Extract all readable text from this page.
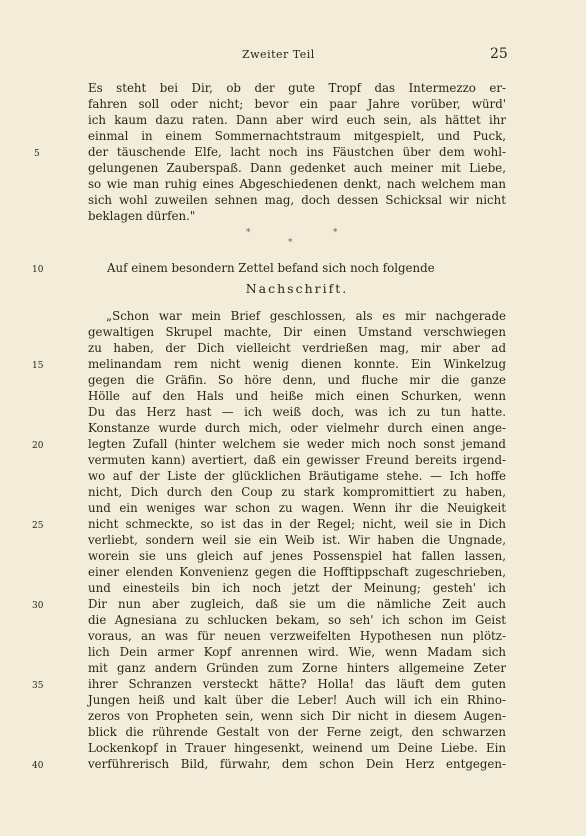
Zweiter Teil	25
Es steht bei Dir, ob der gute Tropf das Intermezzo er-
fahren soll oder nicht; bevor ein paar Jahre vorüber, würd'
ich kaum dazu raten. Dann aber wird euch sein, als hättet ihr
einmal in einem Sommernachtstraum mitgespielt, und Puck,
der täuschende Elfe, lacht noch ins Fäustchen über dem wohl-
gelungenen Zauberspaß. Dann gedenket auch meiner mit Liebe,
so wie man ruhig eines Abgeschiedenen denkt, nach welchem man
sich wohl zuweilen sehnen mag, doch dessen Schicksal wir nicht
beklagen dürfen."
*	*
*
Auf einem besondern Zettel befand sich noch folgende
Nachschrift.
„Schon war mein Brief geschlossen, als es mir nachgerade
gewaltigen Skrupel machte, Dir einen Umstand verschwiegen
zu haben, der Dich vielleicht verdrießen mag, mir aber ad
melinandam rem nicht wenig dienen konnte. Ein Winkelzug
gegen die Gräfin. So höre denn, und fluche mir die ganze
Hölle auf den Hals und heiße mich einen Schurken, wenn
Du das Herz hast — ich weiß doch, was ich zu tun hatte.
Konstanze wurde durch mich, oder vielmehr durch einen ange-
legten Zufall (hinter welchem sie weder mich noch sonst jemand
vermuten kann) avertiert, daß ein gewisser Freund bereits irgend-
wo auf der Liste der glücklichen Bräutigame stehe. — Ich hoffe
nicht, Dich durch den Coup zu stark kompromittiert zu haben,
und ein weniges war schon zu wagen. Wenn ihr die Neuigkeit
nicht schmeckte, so ist das in der Regel; nicht, weil sie in Dich
verliebt, sondern weil sie ein Weib ist. Wir haben die Ungnade,
worein sie uns gleich auf jenes Possenspiel hat fallen lassen,
einer elenden Konvenienz gegen die Hofftippschaft zugeschrieben,
und einesteils bin ich noch jetzt der Meinung; gesteh' ich
Dir nun aber zugleich, daß sie um die nämliche Zeit auch
die Agnesiana zu schlucken bekam, so seh' ich schon im Geist
voraus, an was für neuen verzweifelten Hypothesen nun plötz-
lich Dein armer Kopf anrennen wird. Wie, wenn Madam sich
mit ganz andern Gründen zum Zorne hinters allgemeine Zeter
ihrer Schranzen versteckt hätte? Holla! das läuft dem guten
Jungen heiß und kalt über die Leber! Auch will ich ein Rhino-
zeros von Propheten sein, wenn sich Dir nicht in diesem Augen-
blick die rührende Gestalt von der Ferne zeigt, den schwarzen
Lockenkopf in Trauer hingesenkt, weinend um Deine Liebe. Ein
verführerisch Bild, fürwahr, dem schon Dein Herz entgegen-
5
10
15
20
25
30
35
40
